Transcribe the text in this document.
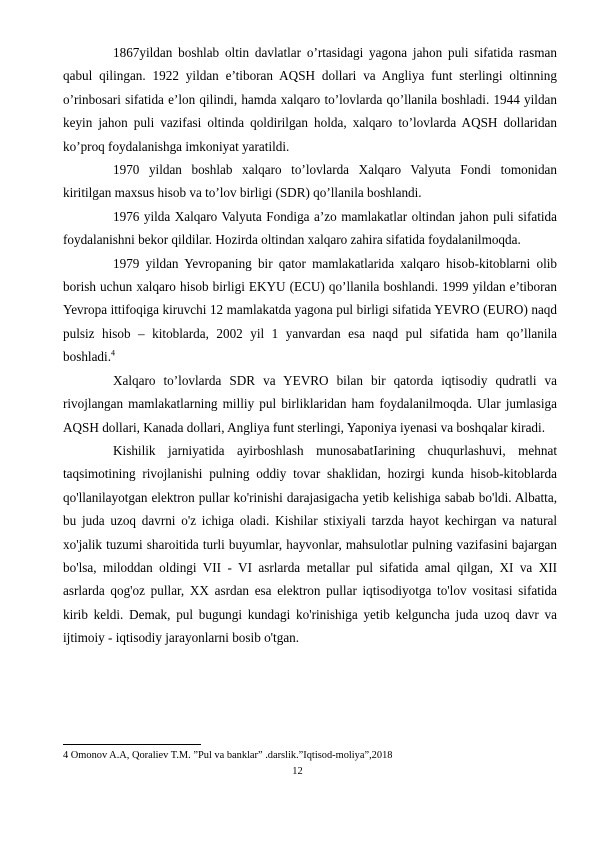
1867yildan boshlab oltin davlatlar o’rtasidagi yagona jahon puli sifatida rasman qabul qilingan. 1922 yildan e’tiboran AQSH dollari va Angliya funt sterlingi oltinning o’rinbosari sifatida e’lon qilindi, hamda xalqaro to’lovlarda qo’llanila boshladi. 1944 yildan keyin jahon puli vazifasi oltinda qoldirilgan holda, xalqaro to’lovlarda AQSH dollaridan ko’proq foydalanishga imkoniyat yaratildi.

1970 yildan boshlab xalqaro to’lovlarda Xalqaro Valyuta Fondi tomonidan kiritilgan maxsus hisob va to’lov birligi (SDR) qo’llanila boshlandi.

1976 yilda Xalqaro Valyuta Fondiga a’zo mamlakatlar oltindan jahon puli sifatida foydalanishni bekor qildilar. Hozirda oltindan xalqaro zahira sifatida foydalanilmoqda.

1979 yildan Yevropaning bir qator mamlakatlarida xalqaro hisob-kitoblarni olib borish uchun xalqaro hisob birligi EKYU (ECU) qo’llanila boshlandi. 1999 yildan e’tiboran Yevropa ittifoqiga kiruvchi 12 mamlakatda yagona pul birligi sifatida YEVRO (EURO) naqd pulsiz hisob – kitoblarda, 2002 yil 1 yanvardan esa naqd pul sifatida ham qo’llanila boshladi.$^4$

Xalqaro to’lovlarda SDR va YEVRO bilan bir qatorda iqtisodiy qudratli va rivojlangan mamlakatlarning milliy pul birliklaridan ham foydalanilmoqda. Ular jumlasiga AQSH dollari, Kanada dollari, Angliya funt sterlingi, Yaponiya iyenasi va boshqalar kiradi.

Kishilik jarniyatida ayirboshlash munosabatIarining chuqurlashuvi, mehnat taqsimotining rivojlanishi pulning oddiy tovar shaklidan, hozirgi kunda hisob-kitoblarda qo'llanilayotgan elektron pullar ko'rinishi darajasigacha yetib kelishiga sabab bo'ldi. Albatta, bu juda uzoq davrni o'z ichiga oladi. Kishilar stixiyali tarzda hayot kechirgan va natural xo'jalik tuzumi sharoitida turli buyumlar, hayvonlar, mahsulotlar pulning vazifasini bajargan bo'lsa, miloddan oldingi VII - VI asrlarda metallar pul sifatida amal qilgan, XI va XII asrlarda qog'oz pullar, XX asrdan esa elektron pullar iqtisodiyotga to'lov vositasi sifatida kirib keldi. Demak, pul bugungi kundagi ko'rinishiga yetib kelguncha juda uzoq davr va ijtimoiy - iqtisodiy jarayonlarni bosib o'tgan.

4 Omonov A.A, Qoraliev T.M. ”Pul va banklar” .darslik.”Iqtisod-moliya”,2018

12
